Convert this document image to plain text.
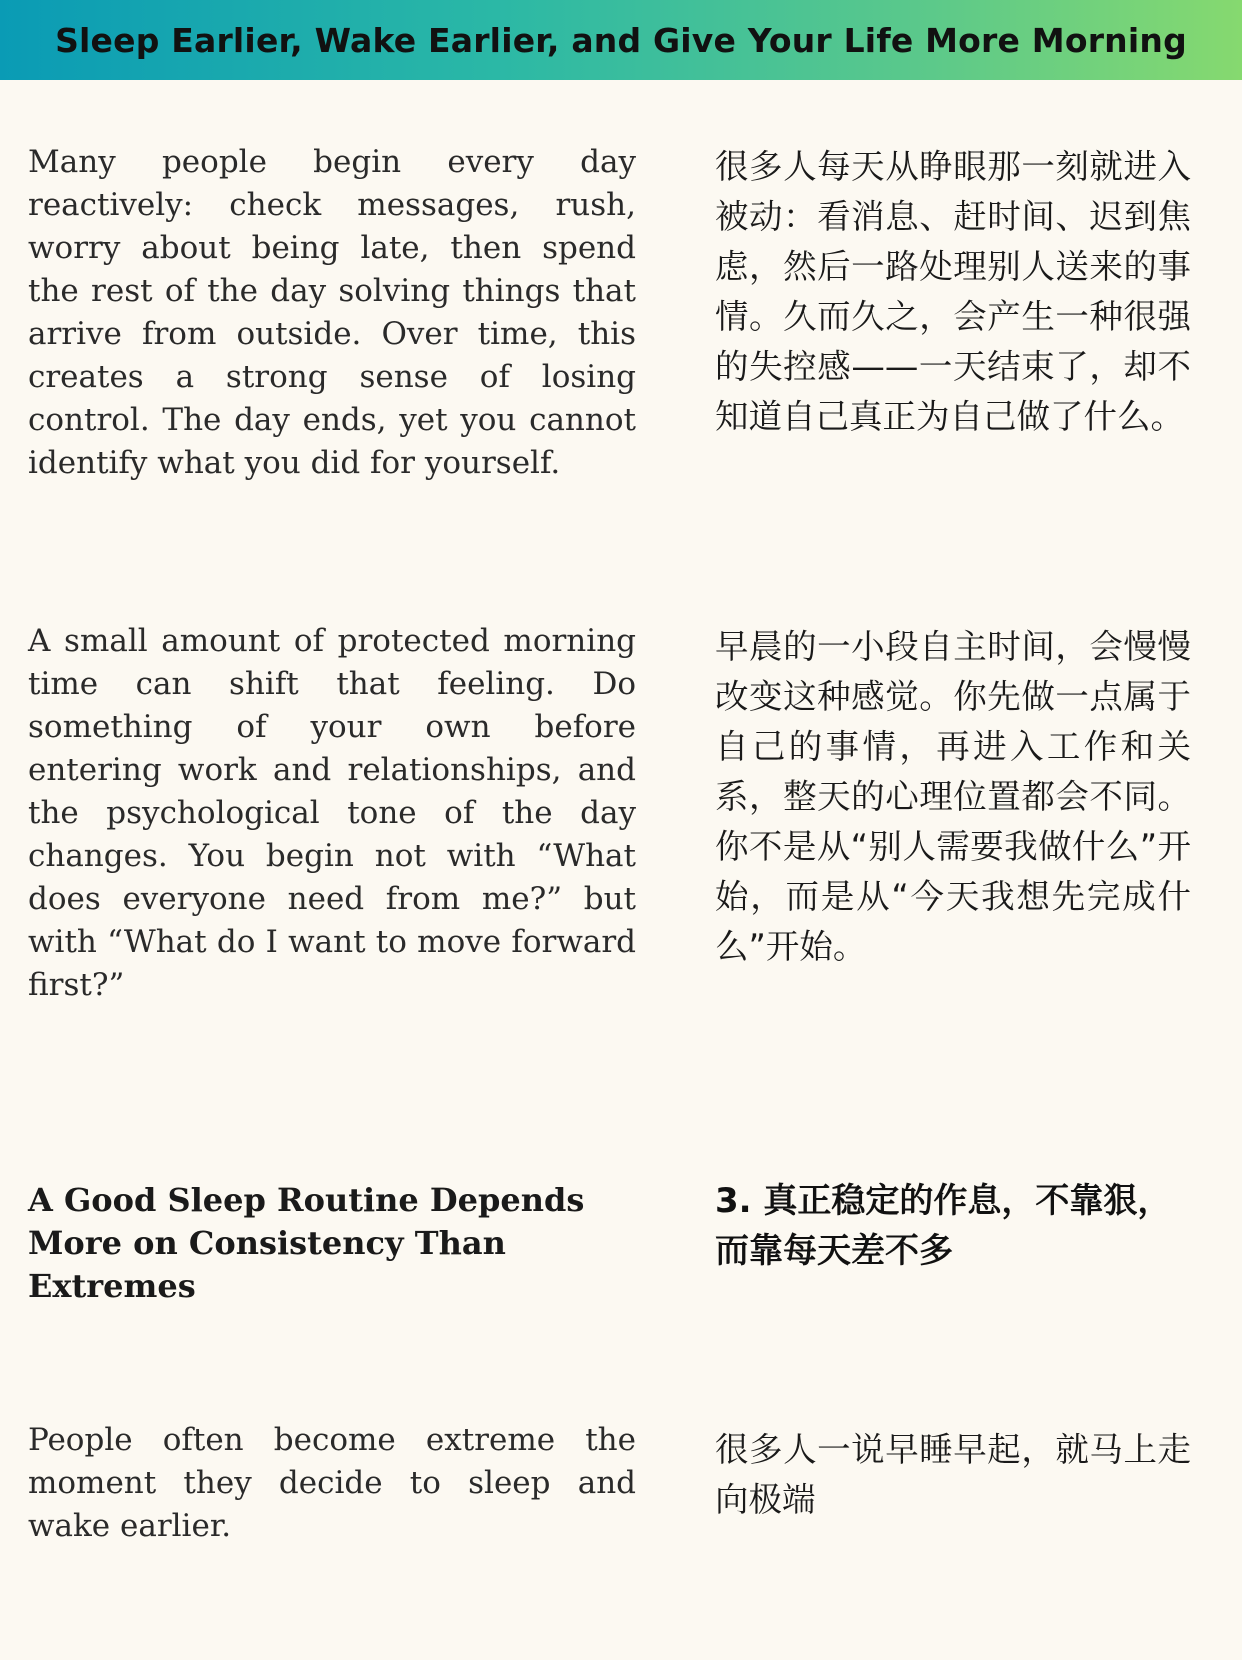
Sleep Earlier, Wake Earlier, and Give Your Life More Morning

Many people begin every day reactively: check messages, rush, worry about being late, then spend the rest of the day solving things that arrive from outside. Over time, this creates a strong sense of losing control. The day ends, yet you cannot identify what you did for yourself.

很多人每天从睁眼那一刻就进入被动：看消息、赶时间、迟到焦虑，然后一路处理别人送来的事情。久而久之，会产生一种很强的失控感——一天结束了，却不知道自己真正为自己做了什么。

A small amount of protected morning time can shift that feeling. Do something of your own before entering work and relationships, and the psychological tone of the day changes. You begin not with “What does everyone need from me?” but with “What do I want to move forward first?”

早晨的一小段自主时间，会慢慢改变这种感觉。你先做一点属于自己的事情，再进入工作和关系，整天的心理位置都会不同。你不是从“别人需要我做什么”开始，而是从“今天我想先完成什么”开始。

A Good Sleep Routine Depends More on Consistency Than Extremes
3. 真正稳定的作息，不靠狠，而靠每天差不多

People often become extreme the moment they decide to sleep and wake earlier.

很多人一说早睡早起，就马上走向极端
